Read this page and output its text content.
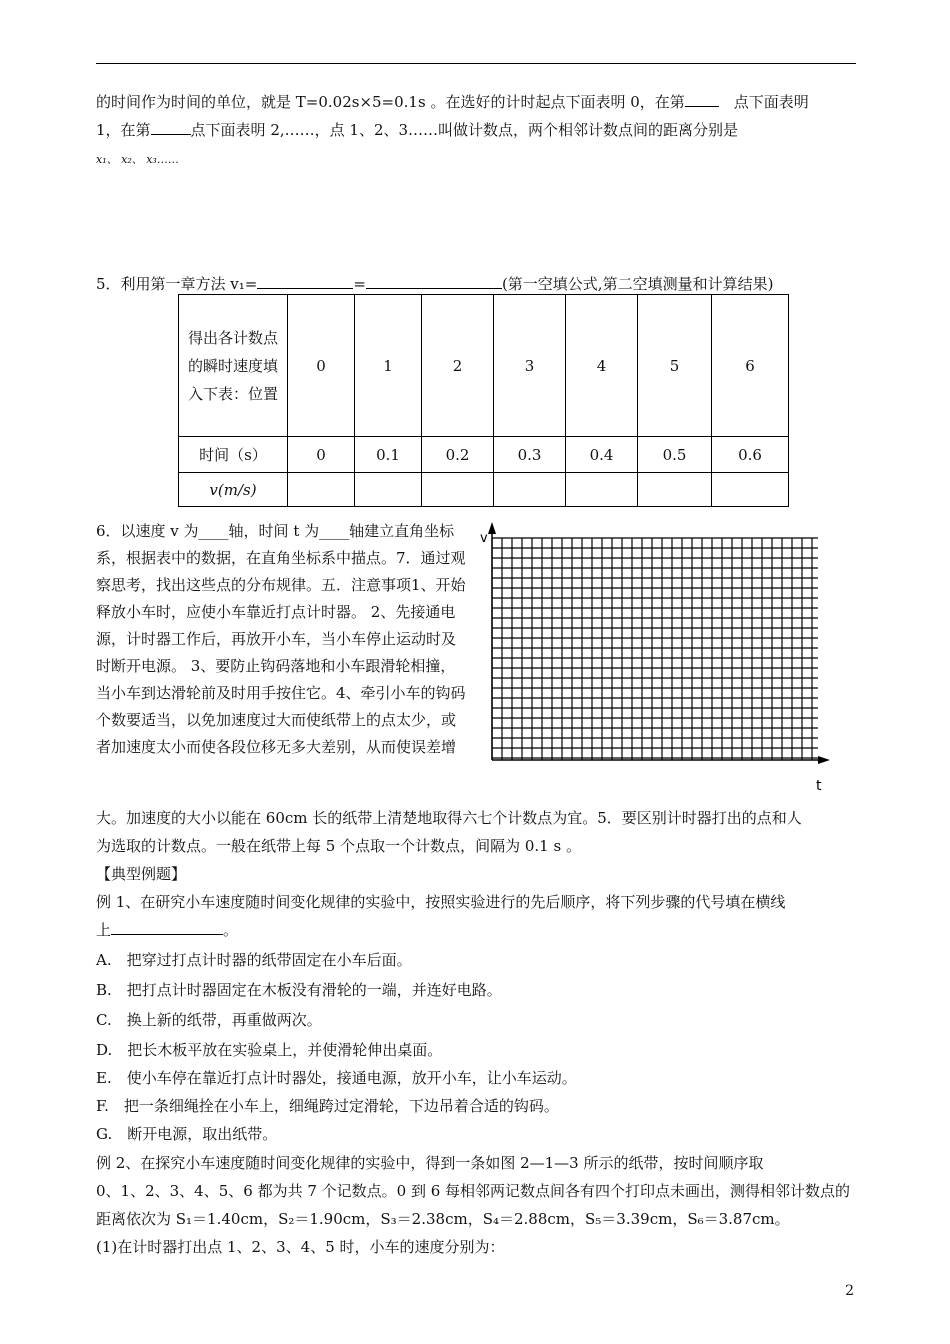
的时间作为时间的单位，就是 T=0.02s×5=0.1s 。在选好的计时起点下面表明 0，在第　	点下面表明
1，在第	点下面表明 2,……，点 1、2、3……叫做计数点，两个相邻计数点间的距离分别是
x₁、 x₂、 x₃……
5．利用第一章方法 v₁=	=	(第一空填公式,第二空填测量和计算结果)
得出各计数点的瞬时速度填入下表：位置	0	1	2	3	4	5	6
时间（s）	0	0.1	0.2	0.3	0.4	0.5	0.6
v(m/s)							
6．以速度 v 为____轴，时间 t 为____轴建立直角坐标系，根据表中的数据，在直角坐标系中描点。7．通过观察思考，找出这些点的分布规律。五．注意事项1、开始释放小车时，应使小车靠近打点计时器。 2、先接通电源，计时器工作后，再放开小车，当小车停止运动时及时断开电源。 3、要防止钩码落地和小车跟滑轮相撞，当小车到达滑轮前及时用手按住它。4、牵引小车的钩码个数要适当，以免加速度过大而使纸带上的点太少，或者加速度太小而使各段位移无多大差别，从而使误差增
v
t
大。加速度的大小以能在 60cm 长的纸带上清楚地取得六七个计数点为宜。5．要区别计时器打出的点和人
为选取的计数点。一般在纸带上每 5 个点取一个计数点，间隔为 0.1 s 。
【典型例题】
例 1、在研究小车速度随时间变化规律的实验中，按照实验进行的先后顺序，将下列步骤的代号填在横线
上	。
A.　把穿过打点计时器的纸带固定在小车后面。
B.　把打点计时器固定在木板没有滑轮的一端，并连好电路。
C.　换上新的纸带，再重做两次。
D.　把长木板平放在实验桌上，并使滑轮伸出桌面。
E.　使小车停在靠近打点计时器处，接通电源，放开小车，让小车运动。
F.　把一条细绳拴在小车上，细绳跨过定滑轮，下边吊着合适的钩码。
G.　断开电源，取出纸带。
例 2、在探究小车速度随时间变化规律的实验中，得到一条如图 2—1—3 所示的纸带，按时间顺序取
0、1、2、3、4、5、6 都为共 7 个记数点。0 到 6 每相邻两记数点间各有四个打印点未画出，测得相邻计数点的
距离依次为 S₁＝1.40cm，S₂＝1.90cm，S₃＝2.38cm，S₄＝2.88cm，S₅＝3.39cm，S₆＝3.87cm。
(1)在计时器打出点 1、2、3、4、5 时，小车的速度分别为：
2
